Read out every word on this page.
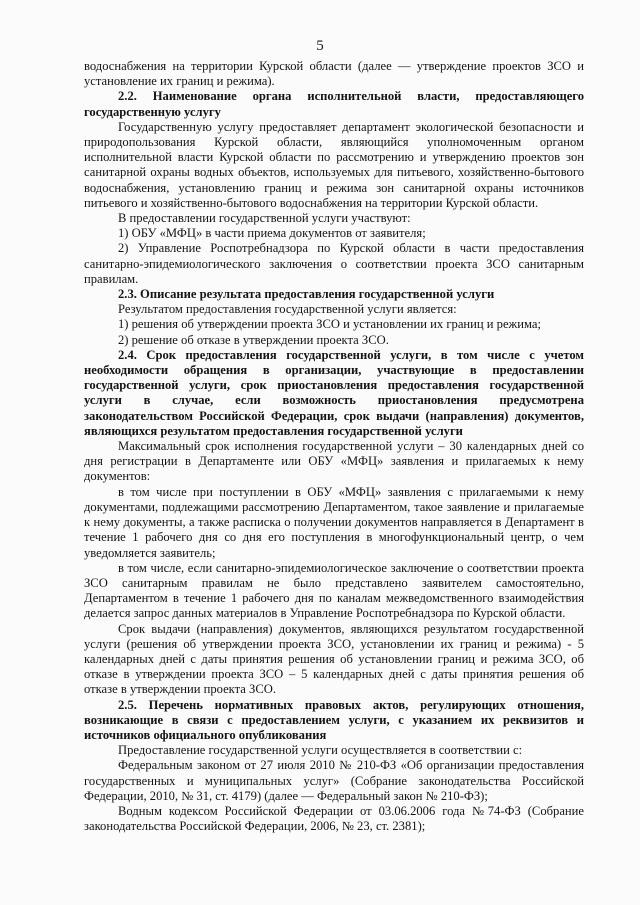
5

водоснабжения на территории Курской области (далее — утверждение проектов ЗСО и установление их границ и режима).

2.2. Наименование органа исполнительной власти, предоставляющего государственную услугу

Государственную услугу предоставляет департамент экологической безопасности и природопользования Курской области, являющийся уполномоченным органом исполнительной власти Курской области по рассмотрению и утверждению проектов зон санитарной охраны водных объектов, используемых для питьевого, хозяйственно-бытового водоснабжения, установлению границ и режима зон санитарной охраны источников питьевого и хозяйственно-бытового водоснабжения на территории Курской области.

В предоставлении государственной услуги участвуют:

1) ОБУ «МФЦ» в части приема документов от заявителя;

2) Управление Роспотребнадзора по Курской области в части предоставления санитарно-эпидемиологического заключения о соответствии проекта ЗСО санитарным правилам.

2.3. Описание результата предоставления государственной услуги

Результатом предоставления государственной услуги является:

1) решения об утверждении проекта ЗСО и установлении их границ и режима;

2) решение об отказе в утверждении проекта ЗСО.

2.4. Срок предоставления государственной услуги, в том числе с учетом необходимости обращения в организации, участвующие в предоставлении государственной услуги, срок приостановления предоставления государственной услуги в случае, если возможность приостановления предусмотрена законодательством Российской Федерации, срок выдачи (направления) документов, являющихся результатом предоставления государственной услуги

Максимальный срок исполнения государственной услуги – 30 календарных дней со дня регистрации в Департаменте или ОБУ «МФЦ» заявления и прилагаемых к нему документов:

в том числе при поступлении в ОБУ «МФЦ» заявления с прилагаемыми к нему документами, подлежащими рассмотрению Департаментом, такое заявление и прилагаемые к нему документы, а также расписка о получении документов направляется в Департамент в течение 1 рабочего дня со дня его поступления в многофункциональный центр, о чем уведомляется заявитель;

в том числе, если санитарно-эпидемиологическое заключение о соответствии проекта ЗСО санитарным правилам не было представлено заявителем самостоятельно, Департаментом в течение 1 рабочего дня по каналам межведомственного взаимодействия делается запрос данных материалов в Управление Роспотребнадзора по Курской области.

Срок выдачи (направления) документов, являющихся результатом государственной услуги (решения об утверждении проекта ЗСО, установлении их границ и режима) - 5 календарных дней с даты принятия решения об установлении границ и режима ЗСО, об отказе в утверждении проекта ЗСО – 5 календарных дней с даты принятия решения об отказе в утверждении проекта ЗСО.

2.5. Перечень нормативных правовых актов, регулирующих отношения, возникающие в связи с предоставлением услуги, с указанием их реквизитов и источников официального опубликования

Предоставление государственной услуги осуществляется в соответствии с:

Федеральным законом от 27 июля 2010 № 210-ФЗ «Об организации предоставления государственных и муниципальных услуг» (Собрание законодательства Российской Федерации, 2010, № 31, ст. 4179) (далее — Федеральный закон № 210-ФЗ);

Водным кодексом Российской Федерации от 03.06.2006 года №74-ФЗ (Собрание законодательства Российской Федерации, 2006, № 23, ст. 2381);
